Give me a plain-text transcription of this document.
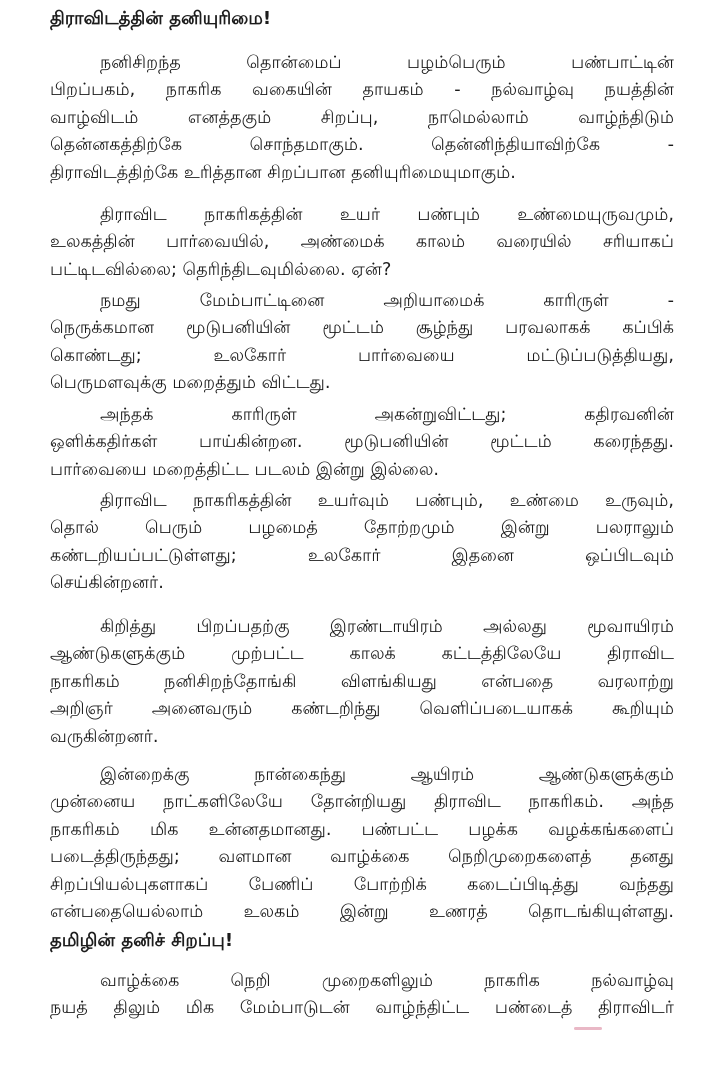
திராவிடத்தின் தனியுரிமை!
நனிசிறந்த தொன்மைப் பழம்பெரும் பண்பாட்டின்
பிறப்பகம், நாகரிக வகையின் தாயகம் - நல்வாழ்வு நயத்தின்
வாழ்விடம் எனத்தகும் சிறப்பு, நாமெல்லாம் வாழ்ந்திடும்
தென்னகத்திற்கே சொந்தமாகும். தென்னிந்தியாவிற்கே -
திராவிடத்திற்கே உரித்தான சிறப்பான தனியுரிமையுமாகும்.
திராவிட நாகரிகத்தின் உயர் பண்பும் உண்மையுருவமும்,
உலகத்தின் பார்வையில், அண்மைக் காலம் வரையில் சரியாகப்
பட்டிடவில்லை; தெரிந்திடவுமில்லை. ஏன்?
நமது மேம்பாட்டினை அறியாமைக் காரிருள் -
நெருக்கமான மூடுபனியின் மூட்டம் சூழ்ந்து பரவலாகக் கப்பிக்
கொண்டது; உலகோர் பார்வையை மட்டுப்படுத்தியது,
பெருமளவுக்கு மறைத்தும் விட்டது.
அந்தக் காரிருள் அகன்றுவிட்டது; கதிரவனின்
ஒளிக்கதிர்கள் பாய்கின்றன. மூடுபனியின் மூட்டம் கரைந்தது.
பார்வையை மறைத்திட்ட படலம் இன்று இல்லை.
திராவிட நாகரிகத்தின் உயர்வும் பண்பும், உண்மை உருவும்,
தொல் பெரும் பழமைத் தோற்றமும் இன்று பலராலும்
கண்டறியப்பட்டுள்ளது; உலகோர் இதனை ஒப்பிடவும்
செய்கின்றனர்.
கிறித்து பிறப்பதற்கு இரண்டாயிரம் அல்லது மூவாயிரம்
ஆண்டுகளுக்கும் முற்பட்ட காலக் கட்டத்திலேயே திராவிட
நாகரிகம் நனிசிறந்தோங்கி விளங்கியது என்பதை வரலாற்று
அறிஞர் அனைவரும் கண்டறிந்து வெளிப்படையாகக் கூறியும்
வருகின்றனர்.
இன்றைக்கு நான்கைந்து ஆயிரம் ஆண்டுகளுக்கும்
முன்னைய நாட்களிலேயே தோன்றியது திராவிட நாகரிகம். அந்த
நாகரிகம் மிக உன்னதமானது. பண்பட்ட பழக்க வழக்கங்களைப்
படைத்திருந்தது; வளமான வாழ்க்கை நெறிமுறைகளைத் தனது
சிறப்பியல்புகளாகப் பேணிப் போற்றிக் கடைப்பிடித்து வந்தது
என்பதையெல்லாம் உலகம் இன்று உணரத் தொடங்கியுள்ளது.
தமிழின் தனிச் சிறப்பு!
வாழ்க்கை நெறி முறைகளிலும் நாகரிக நல்வாழ்வு
நயத் திலும் மிக மேம்பாடுடன் வாழ்ந்திட்ட பண்டைத் திராவிடர்
